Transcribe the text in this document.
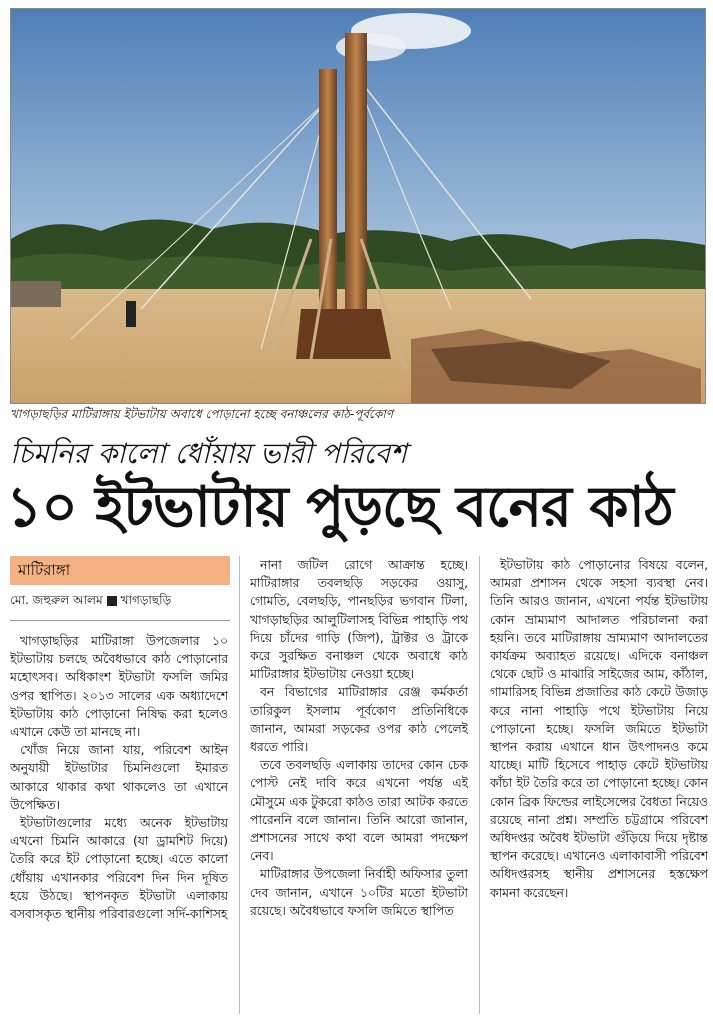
খাগড়াছড়ির মাটিরাঙ্গায় ইটভাটায় অবাধে পোড়ানো হচ্ছে বনাঞ্চলের কাঠ-পূর্বকোণ
চিমনির কালো ধোঁয়ায় ভারী পরিবেশ
১০ ইটভাটায় পুড়ছে বনের কাঠ
মাটিরাঙ্গা
মো. জহুরুল আলম খাগড়াছড়ি

খাগড়াছড়ির মাটিরাঙ্গা উপজেলার ১০ ইটভাটায় চলছে অবৈধভাবে কাঠ পোড়ানোর মহোৎসব। অধিকাংশ ইটভাটা ফসলি জমির ওপর স্থাপিত। ২০১৩ সালের এক অধ্যাদেশে ইটভাটায় কাঠ পোড়ানো নিষিদ্ধ করা হলেও এখানে কেউ তা মানছে না।

খোঁজ নিয়ে জানা যায়, পরিবেশ আইন অনুযায়ী ইটভাটার চিমনিগুলো ইমারত আকারে থাকার কথা থাকলেও তা এখানে উপেক্ষিত।

ইটভাটাগুলোর মধ্যে অনেক ইটভাটায় এখনো চিমনি আকারে (যা ড্রামশিট দিয়ে) তৈরি করে ইট পোড়ানো হচ্ছে। এতে কালো ধোঁয়ায় এখানকার পরিবেশ দিন দিন দূষিত হয়ে উঠছে। স্থাপনকৃত ইটভাটা এলাকায় বসবাসকৃত স্থানীয় পরিবারগুলো সর্দি-কাশিসহ

নানা জটিল রোগে আক্রান্ত হচ্ছে। মাটিরাঙ্গার তবলছড়ি সড়কের ওয়াসু, গোমতি, বেলছড়ি, পানছড়ির ভগবান টিলা, খাগড়াছড়ির আলুটিলাসহ বিভিন্ন পাহাড়ি পথ দিয়ে চাঁদের গাড়ি (জিপ), ট্রাক্টর ও ট্রাকে করে সুরক্ষিত বনাঞ্চল থেকে অবাধে কাঠ মাটিরাঙ্গার ইটভাটায় নেওয়া হচ্ছে।

বন বিভাগের মাটিরাঙ্গার রেঞ্জ কর্মকর্তা তারিকুল ইসলাম পূর্বকোণ প্রতিনিধিকে জানান, আমরা সড়কের ওপর কাঠ পেলেই ধরতে পারি।

তবে তবলছড়ি এলাকায় তাদের কোন চেক পোস্ট নেই দাবি করে এখনো পর্যন্ত এই মৌসুমে এক টুকরো কাঠও তারা আটক করতে পারেননি বলে জানান। তিনি আরো জানান, প্রশাসনের সাথে কথা বলে আমরা পদক্ষেপ নেব।

মাটিরাঙ্গার উপজেলা নির্বাহী অফিসার তুলা দেব জানান, এখানে ১০টির মতো ইটভাটা রয়েছে। অবৈধভাবে ফসলি জমিতে স্থাপিত

ইটভাটায় কাঠ পোড়ানোর বিষয়ে বলেন, আমরা প্রশাসন থেকে সহসা ব্যবস্থা নেব। তিনি আরও জানান, এখনো পর্যন্ত ইটভাটায় কোন ভ্রাম্যমাণ আদালত পরিচালনা করা হয়নি। তবে মাটিরাঙ্গায় ভ্রাম্যমাণ আদালতের কার্যক্রম অব্যাহত রয়েছে। এদিকে বনাঞ্চল থেকে ছোট ও মাঝারি সাইজের আম, কাঁঠাল, গামারিসহ বিভিন্ন প্রজাতির কাঠ কেটে উজাড় করে নানা পাহাড়ি পথে ইটভাটায় নিয়ে পোড়ানো হচ্ছে। ফসলি জমিতে ইটভাটা স্থাপন করায় এখানে ধান উৎপাদনও কমে যাচ্ছে। মাটি হিসেবে পাহাড় কেটে ইটভাটায় কাঁচা ইট তৈরি করে তা পোড়ানো হচ্ছে। কোন কোন ব্রিক ফিল্ডের লাইসেন্সের বৈধতা নিয়েও রয়েছে নানা প্রশ্ন। সম্প্রতি চট্টগ্রামে পরিবেশ অধিদপ্তর অবৈধ ইটভাটা গুঁড়িয়ে দিয়ে দৃষ্টান্ত স্থাপন করেছে। এখানেও এলাকাবাসী পরিবেশ অধিদপ্তরসহ স্থানীয় প্রশাসনের হস্তক্ষেপ কামনা করেছেন।
